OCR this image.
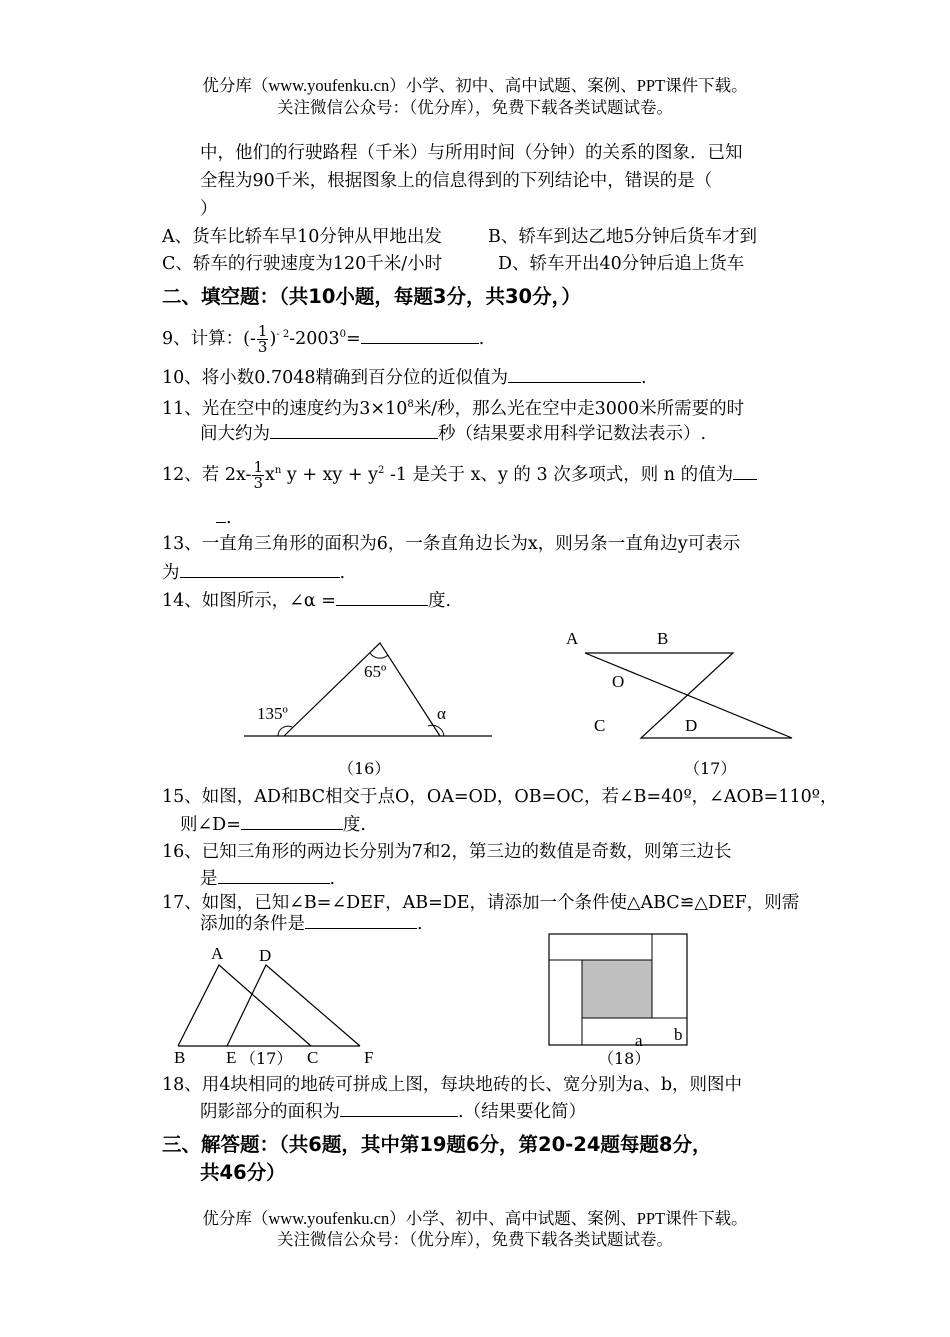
优分库（www.youfenku.cn）小学、初中、高中试题、案例、PPT课件下载。
关注微信公众号：（优分库），免费下载各类试题试卷。
中，他们的行驶路程（千米）与所用时间（分钟）的关系的图象．已知
全程为90千米，根据图象上的信息得到的下列结论中，错误的是（
）
A、货车比轿车早10分钟从甲地出发	B、轿车到达乙地5分钟后货车才到
C、轿车的行驶速度为120千米/小时	D、轿车开出40分钟后追上货车
二、填空题：（共10小题，每题3分，共30分，）
9、计算：(- $\frac{1}{3} )^{- 2}-2003^0=$	.
10、将小数0.7048精确到百分位的近似值为	.
11、光在空中的速度约为$3\times 10^8$米/秒，那么光在空中走3000米所需要的时
间大约为	秒（结果要求用科学记数法表示）.
12、若 $2x- \frac{1}{3} x^n$ y + xy + $y^2$ -1 是关于 x、y 的 3 次多项式，则 n 的值为
.
13、一直角三角形的面积为6，一条直角边长为x，则另条一直角边y可表示
为	.
14、如图所示，∠α =	度.
65º
135º	α
（16）
A	B
O
C	D
（17）
15、如图，AD和BC相交于点O，OA=OD，OB=OC，若∠B=40º，∠AOB=110º，
则∠D=	度.
16、已知三角形的两边长分别为7和2，第三边的数值是奇数，则第三边长
是	.
17、如图，已知∠B=∠DEF，AB=DE，请添加一个条件使△ABC≌△DEF，则需
添加的条件是	.
A D
B E （17） C	F
b
a
（18）
18、用4块相同的地砖可拼成上图，每块地砖的长、宽分别为a、b，则图中
阴影部分的面积为	.（结果要化简）
三、解答题：（共6题，其中第19题6分，第20-24题每题8分，
共46分）
优分库（www.youfenku.cn）小学、初中、高中试题、案例、PPT课件下载。
关注微信公众号：（优分库），免费下载各类试题试卷。
